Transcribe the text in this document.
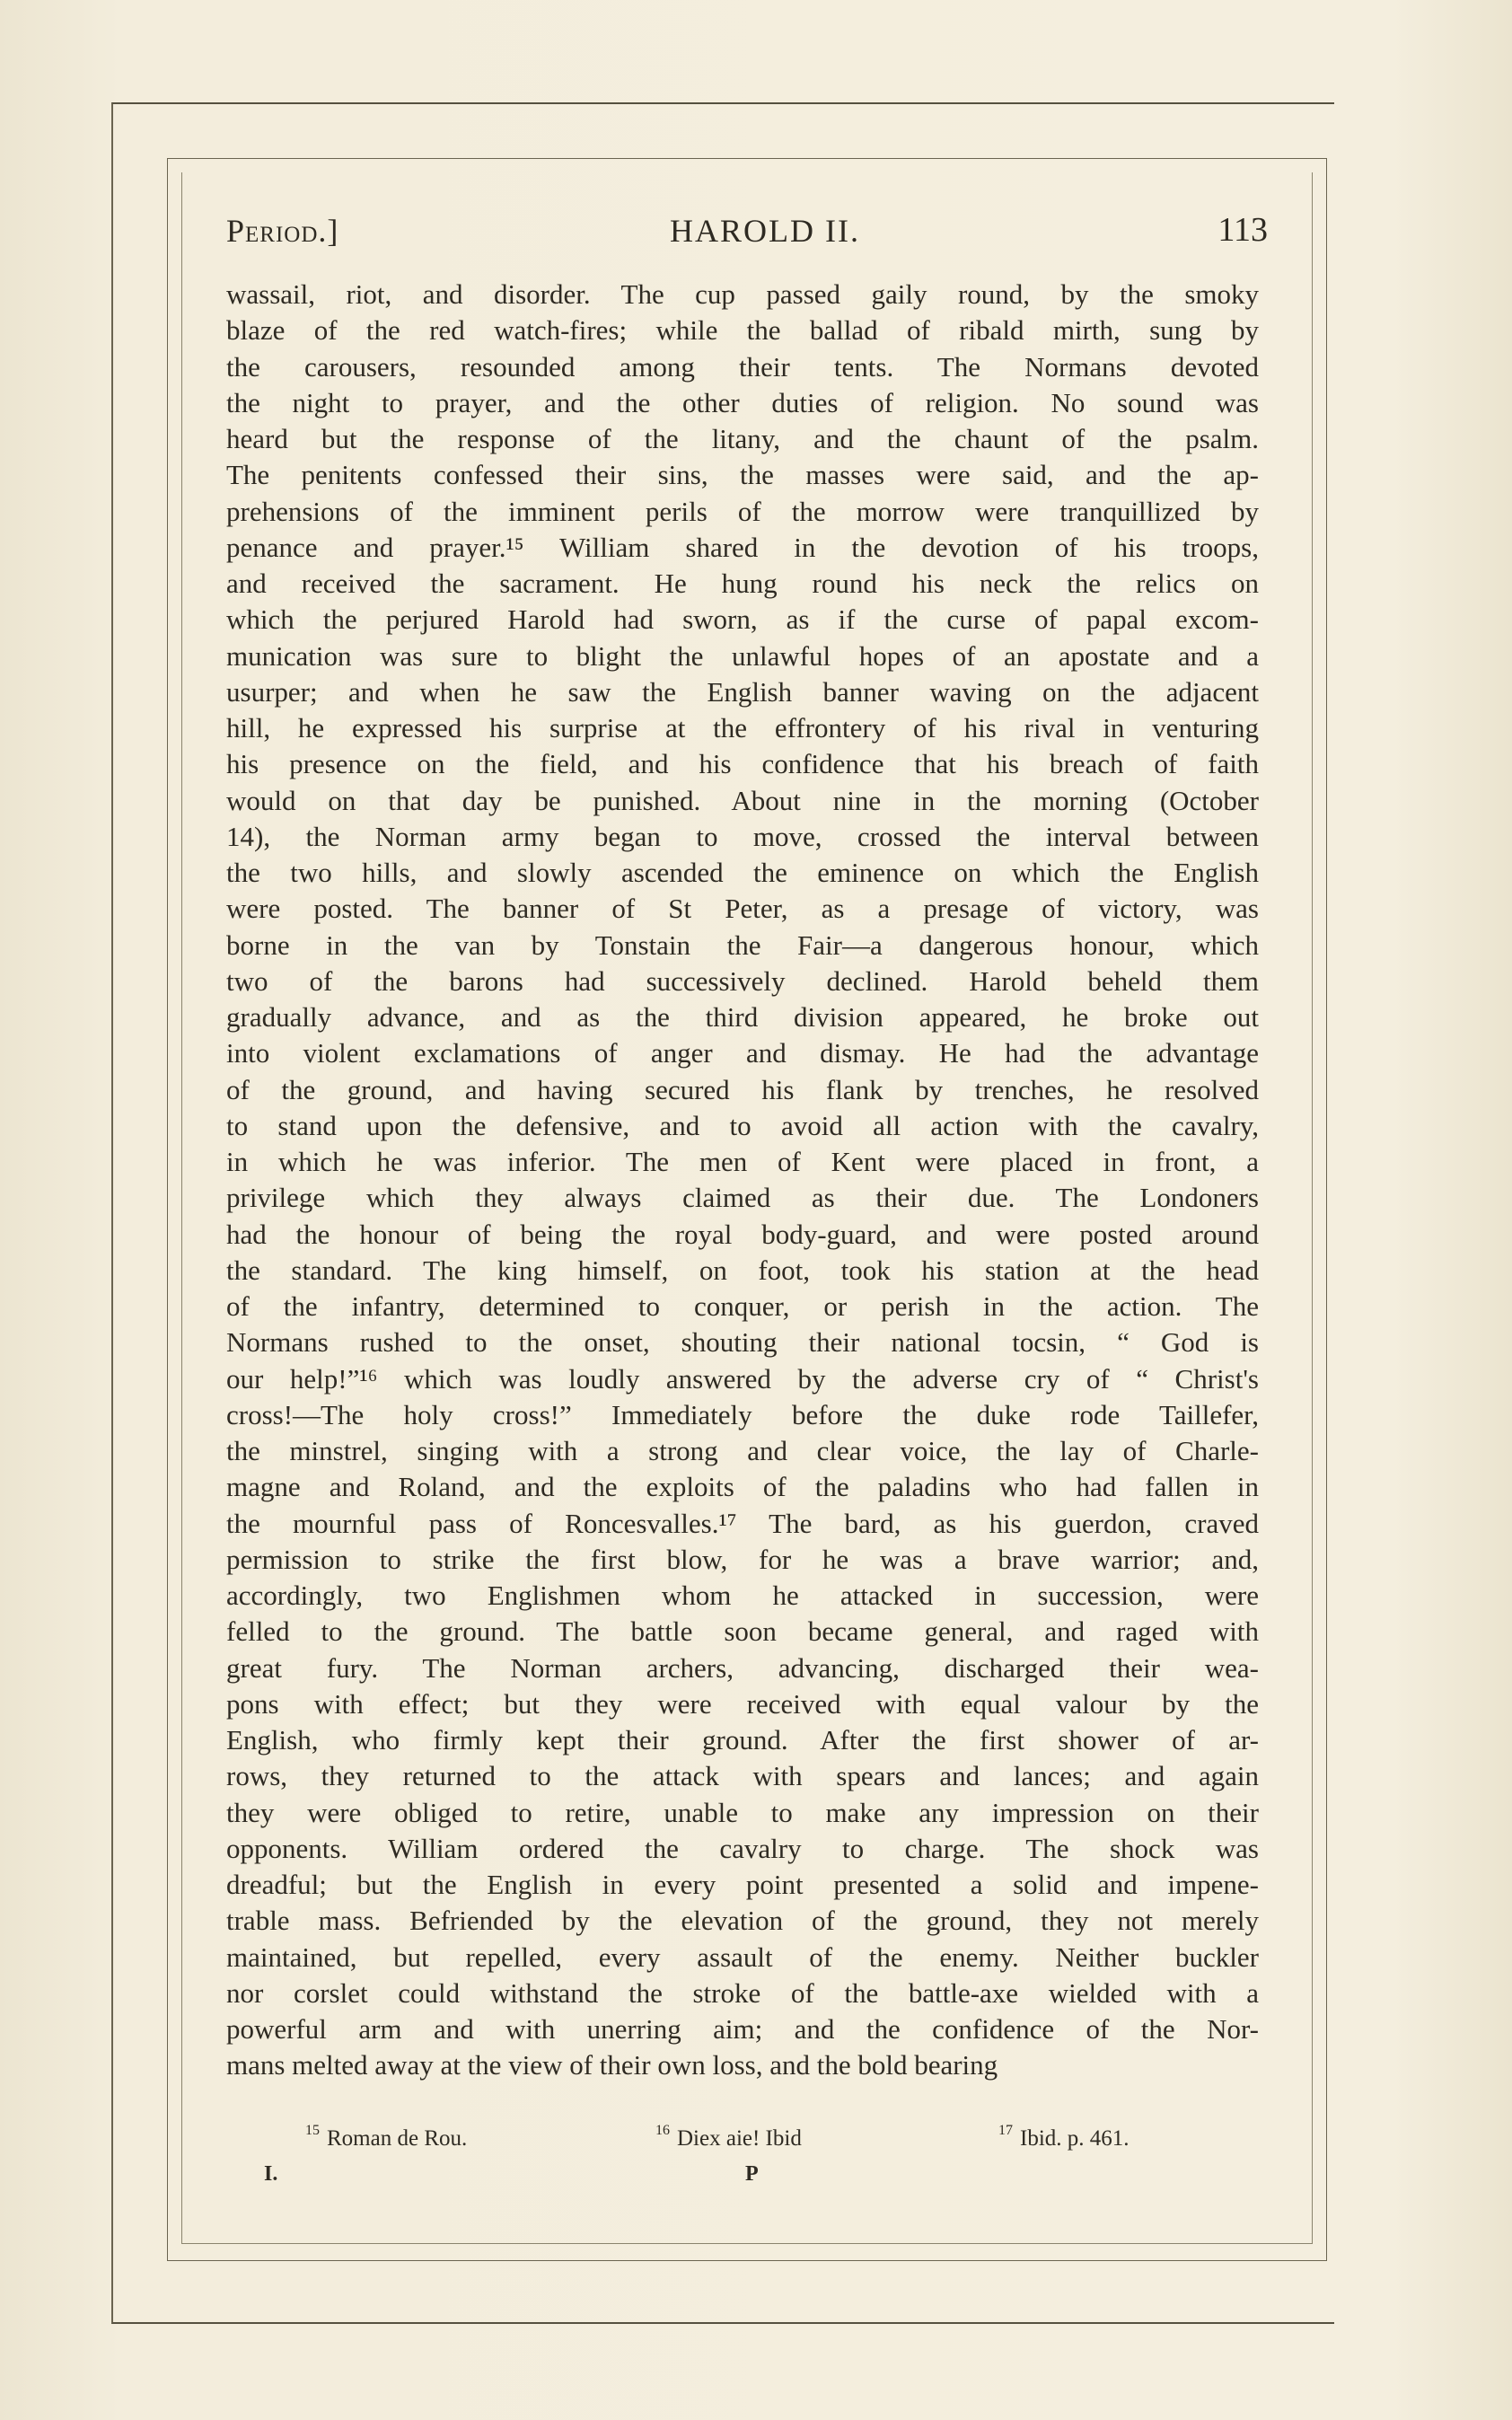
Period.]	HAROLD II.	113
wassail, riot, and disorder. The cup passed gaily round, by the smoky
blaze of the red watch-fires; while the ballad of ribald mirth, sung by
the carousers, resounded among their tents. The Normans devoted
the night to prayer, and the other duties of religion. No sound was
heard but the response of the litany, and the chaunt of the psalm.
The penitents confessed their sins, the masses were said, and the ap-
prehensions of the imminent perils of the morrow were tranquillized by
penance and prayer.¹⁵ William shared in the devotion of his troops,
and received the sacrament. He hung round his neck the relics on
which the perjured Harold had sworn, as if the curse of papal excom-
munication was sure to blight the unlawful hopes of an apostate and a
usurper; and when he saw the English banner waving on the adjacent
hill, he expressed his surprise at the effrontery of his rival in venturing
his presence on the field, and his confidence that his breach of faith
would on that day be punished. About nine in the morning (October
14), the Norman army began to move, crossed the interval between
the two hills, and slowly ascended the eminence on which the English
were posted. The banner of St Peter, as a presage of victory, was
borne in the van by Tonstain the Fair—a dangerous honour, which
two of the barons had successively declined. Harold beheld them
gradually advance, and as the third division appeared, he broke out
into violent exclamations of anger and dismay. He had the advantage
of the ground, and having secured his flank by trenches, he resolved
to stand upon the defensive, and to avoid all action with the cavalry,
in which he was inferior. The men of Kent were placed in front, a
privilege which they always claimed as their due. The Londoners
had the honour of being the royal body-guard, and were posted around
the standard. The king himself, on foot, took his station at the head
of the infantry, determined to conquer, or perish in the action. The
Normans rushed to the onset, shouting their national tocsin, “ God is
our help!”¹⁶ which was loudly answered by the adverse cry of “ Christ's
cross!—The holy cross!” Immediately before the duke rode Taillefer,
the minstrel, singing with a strong and clear voice, the lay of Charle-
magne and Roland, and the exploits of the paladins who had fallen in
the mournful pass of Roncesvalles.¹⁷ The bard, as his guerdon, craved
permission to strike the first blow, for he was a brave warrior; and,
accordingly, two Englishmen whom he attacked in succession, were
felled to the ground. The battle soon became general, and raged with
great fury. The Norman archers, advancing, discharged their wea-
pons with effect; but they were received with equal valour by the
English, who firmly kept their ground. After the first shower of ar-
rows, they returned to the attack with spears and lances; and again
they were obliged to retire, unable to make any impression on their
opponents. William ordered the cavalry to charge. The shock was
dreadful; but the English in every point presented a solid and impene-
trable mass. Befriended by the elevation of the ground, they not merely
maintained, but repelled, every assault of the enemy. Neither buckler
nor corslet could withstand the stroke of the battle-axe wielded with a
powerful arm and with unerring aim; and the confidence of the Nor-
mans melted away at the view of their own loss, and the bold bearing
$^{15}$ Roman de Rou.	$^{16}$ Diex aie! Ibid	$^{17}$ Ibid. p. 461.
I.	P
